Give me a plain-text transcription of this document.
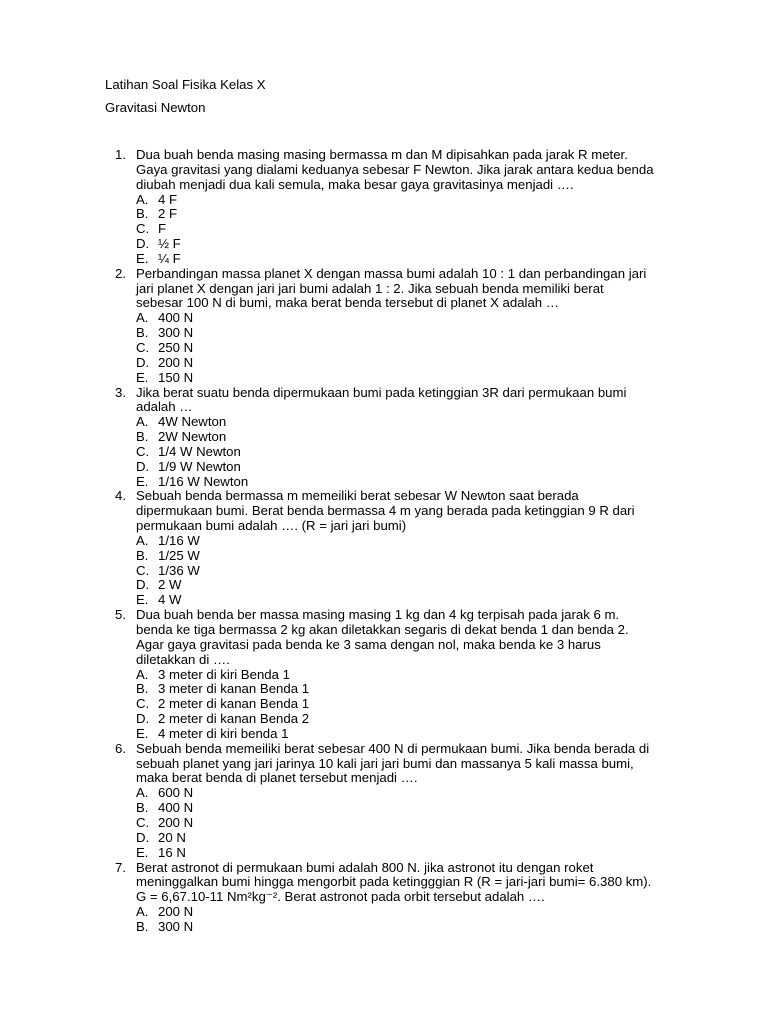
Latihan Soal Fisika Kelas X
Gravitasi Newton
1. Dua buah benda masing masing bermassa m dan M dipisahkan pada jarak R meter.
Gaya gravitasi yang dialami keduanya sebesar F Newton. Jika jarak antara kedua benda
diubah menjadi dua kali semula, maka besar gaya gravitasinya menjadi ….
A. 4 F
B. 2 F
C. F
D. ½ F
E. ¼ F
2. Perbandingan massa planet X dengan massa bumi adalah 10 : 1 dan perbandingan jari
jari planet X dengan jari jari bumi adalah 1 : 2. Jika sebuah benda memiliki berat
sebesar 100 N di bumi, maka berat benda tersebut di planet X adalah …
A. 400 N
B. 300 N
C. 250 N
D. 200 N
E. 150 N
3. Jika berat suatu benda dipermukaan bumi pada ketinggian 3R dari permukaan bumi
adalah …
A. 4W Newton
B. 2W Newton
C. 1/4 W Newton
D. 1/9 W Newton
E. 1/16 W Newton
4. Sebuah benda bermassa m memeiliki berat sebesar W Newton saat berada
dipermukaan bumi. Berat benda bermassa 4 m yang berada pada ketinggian 9 R dari
permukaan bumi adalah …. (R = jari jari bumi)
A. 1/16 W
B. 1/25 W
C. 1/36 W
D. 2 W
E. 4 W
5. Dua buah benda ber massa masing masing 1 kg dan 4 kg terpisah pada jarak 6 m.
benda ke tiga bermassa 2 kg akan diletakkan segaris di dekat benda 1 dan benda 2.
Agar gaya gravitasi pada benda ke 3 sama dengan nol, maka benda ke 3 harus
diletakkan di ….
A. 3 meter di kiri Benda 1
B. 3 meter di kanan Benda 1
C. 2 meter di kanan Benda 1
D. 2 meter di kanan Benda 2
E. 4 meter di kiri benda 1
6. Sebuah benda memeiliki berat sebesar 400 N di permukaan bumi. Jika benda berada di
sebuah planet yang jari jarinya 10 kali jari jari bumi dan massanya 5 kali massa bumi,
maka berat benda di planet tersebut menjadi ….
A. 600 N
B. 400 N
C. 200 N
D. 20 N
E. 16 N
7. Berat astronot di permukaan bumi adalah 800 N. jika astronot itu dengan roket
meninggalkan bumi hingga mengorbit pada ketingggian R (R = jari-jari bumi= 6.380 km).
G = 6,67.10-11 Nm²kg⁻². Berat astronot pada orbit tersebut adalah ….
A. 200 N
B. 300 N
